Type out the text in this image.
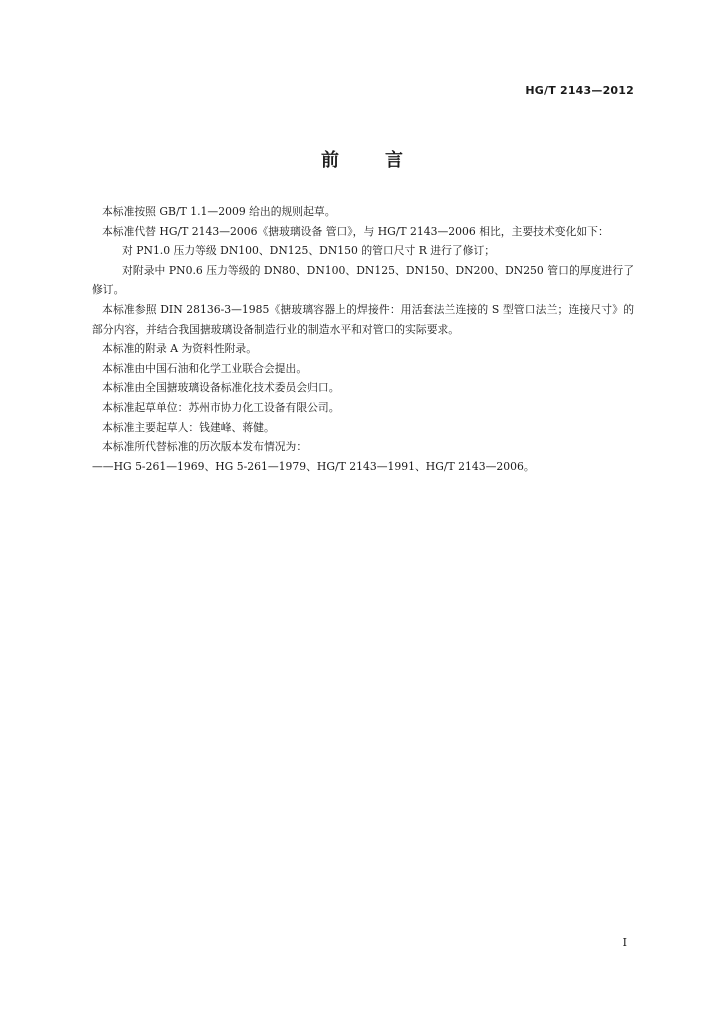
HG/T 2143—2012
前言

本标准按照 GB/T 1.1—2009 给出的规则起草。

本标准代替 HG/T 2143—2006《搪玻璃设备 管口》，与 HG/T 2143—2006 相比，主要技术变化如下：

对 PN1.0 压力等级 DN100、DN125、DN150 的管口尺寸 R 进行了修订；

对附录中 PN0.6 压力等级的 DN80、DN100、DN125、DN150、DN200、DN250 管口的厚度进行了修订。

本标准参照 DIN 28136-3—1985《搪玻璃容器上的焊接件：用活套法兰连接的 S 型管口法兰；连接尺寸》的部分内容，并结合我国搪玻璃设备制造行业的制造水平和对管口的实际要求。

本标准的附录 A 为资料性附录。

本标准由中国石油和化学工业联合会提出。

本标准由全国搪玻璃设备标准化技术委员会归口。

本标准起草单位：苏州市协力化工设备有限公司。

本标准主要起草人：钱建峰、蒋健。

本标准所代替标准的历次版本发布情况为：

——HG 5-261—1969、HG 5-261—1979、HG/T 2143—1991、HG/T 2143—2006。

I
